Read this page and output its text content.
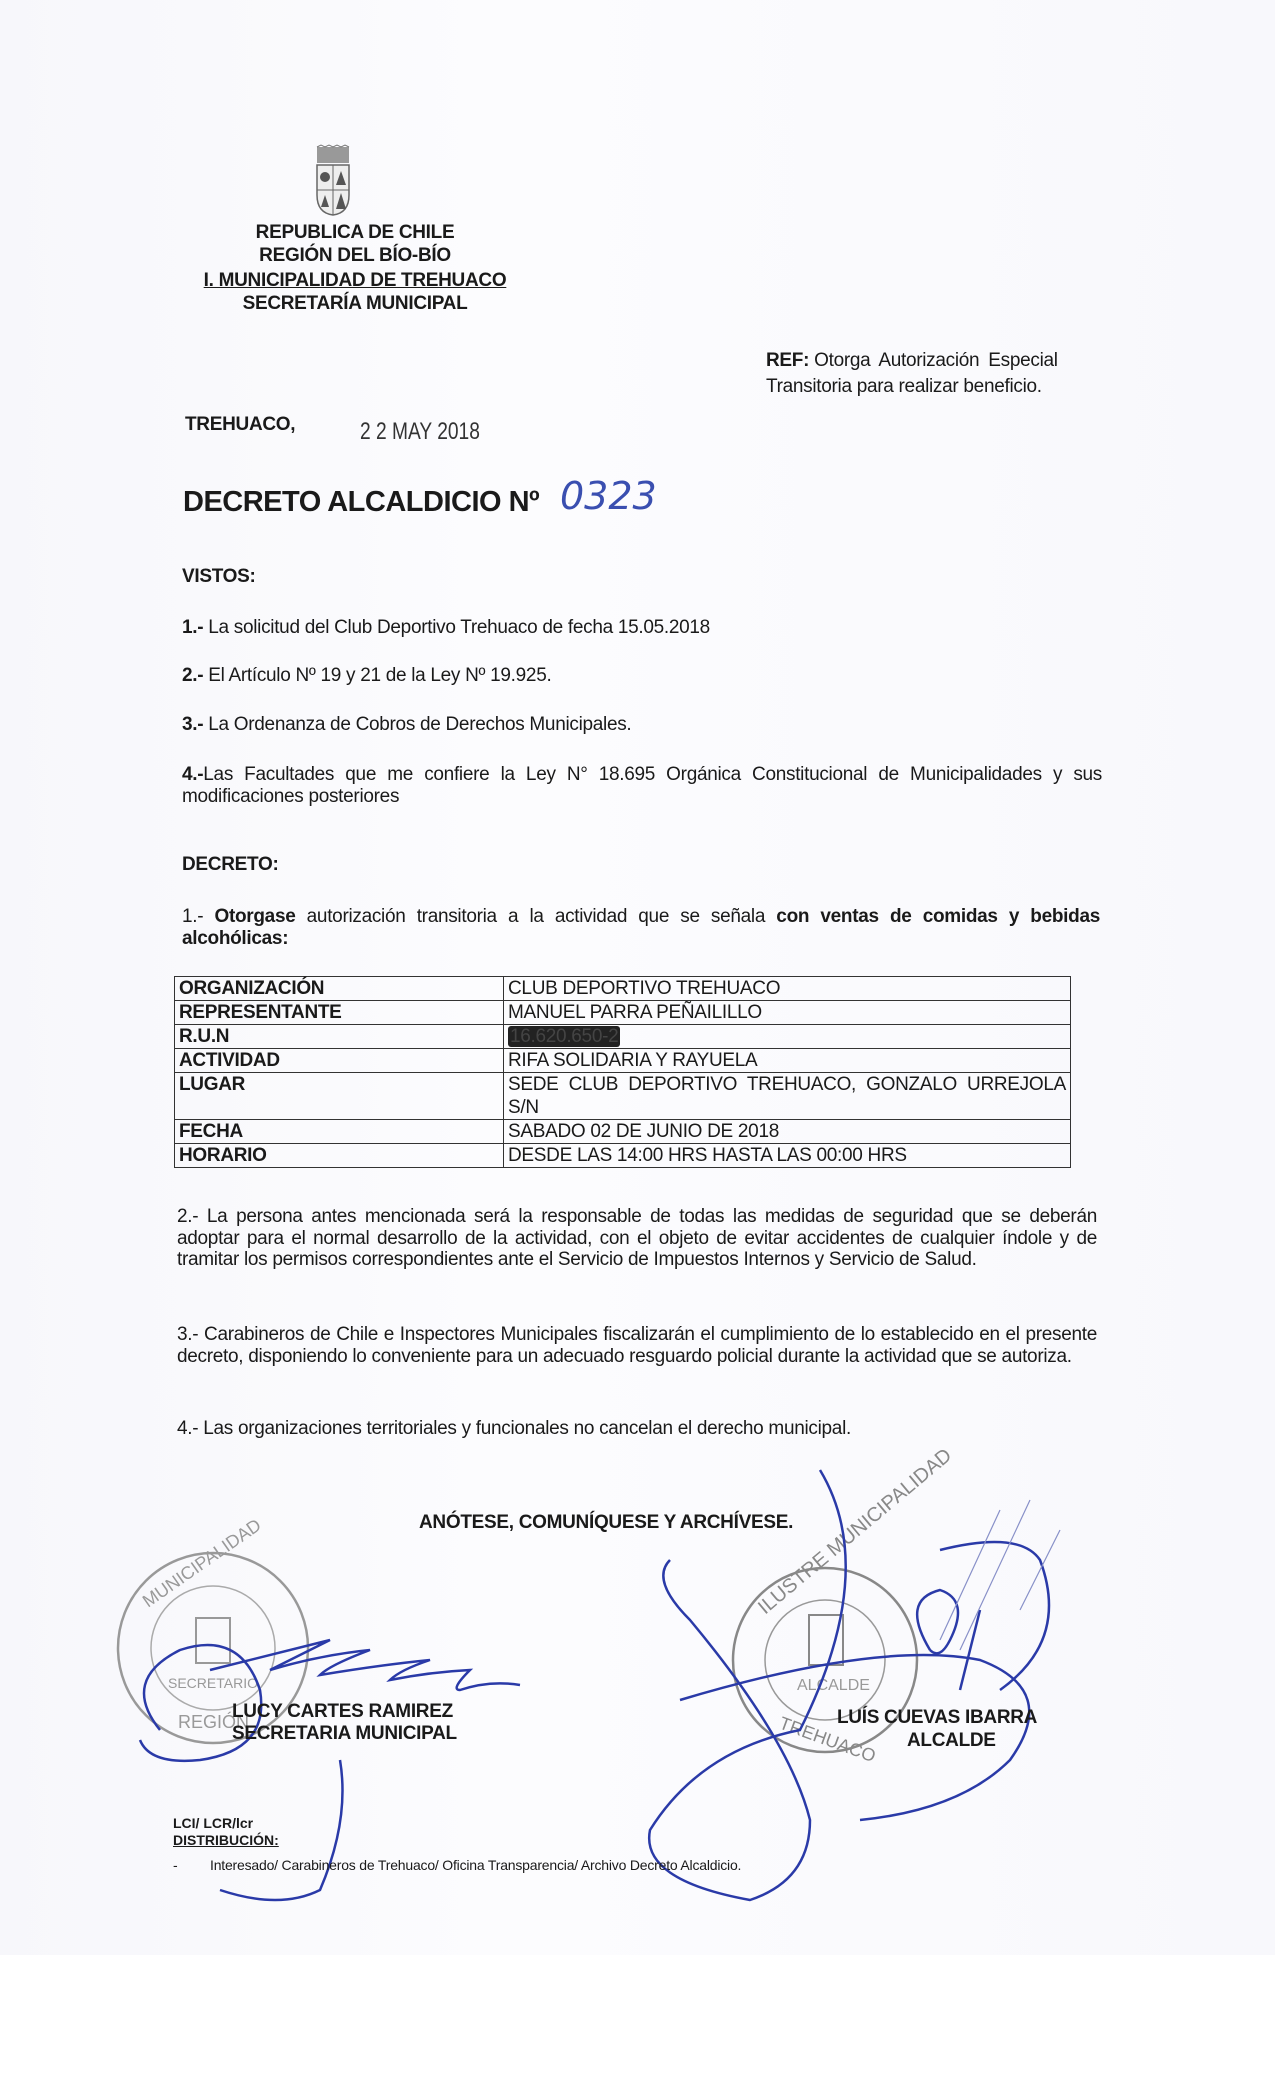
REPUBLICA DE CHILE
REGIÓN DEL BÍO-BÍO
I. MUNICIPALIDAD DE TREHUACO
SECRETARÍA MUNICIPAL
REF: Otorga Autorización Especial
Transitoria para realizar beneficio.
TREHUACO,	2 2 MAY 2018
DECRETO ALCALDICIO Nº 0323
VISTOS:
1.- La solicitud del Club Deportivo Trehuaco de fecha 15.05.2018
2.- El Artículo Nº 19 y 21 de la Ley Nº 19.925.
3.- La Ordenanza de Cobros de Derechos Municipales.
4.-Las Facultades que me confiere la Ley N° 18.695 Orgánica Constitucional de Municipalidades y sus modificaciones posteriores
DECRETO:
1.- Otorgase autorización transitoria a la actividad que se señala con ventas de comidas y bebidas alcohólicas:
ORGANIZACIÓN	CLUB DEPORTIVO TREHUACO
REPRESENTANTE	MANUEL PARRA PEÑAILILLO
R.U.N	16.620.650-2
ACTIVIDAD	RIFA SOLIDARIA Y RAYUELA
LUGAR	SEDE CLUB DEPORTIVO TREHUACO, GONZALO URREJOLA S/N
FECHA	SABADO 02 DE JUNIO DE 2018
HORARIO	DESDE LAS 14:00 HRS HASTA LAS 00:00 HRS
2.- La persona antes mencionada será la responsable de todas las medidas de seguridad que se deberán adoptar para el normal desarrollo de la actividad, con el objeto de evitar accidentes de cualquier índole y de tramitar los permisos correspondientes ante el Servicio de Impuestos Internos y Servicio de Salud.
3.- Carabineros de Chile e Inspectores Municipales fiscalizarán el cumplimiento de lo establecido en el presente decreto, disponiendo lo conveniente para un adecuado resguardo policial durante la actividad que se autoriza.
4.- Las organizaciones territoriales y funcionales no cancelan el derecho municipal.
ANÓTESE, COMUNÍQUESE Y ARCHÍVESE.
MUNICIPALIDAD
SECRETARIO
REGIÓN
ILUSTRE MUNICIPALIDAD
ALCALDE
TREHUACO
LUCY CARTES RAMIREZ
SECRETARIA MUNICIPAL
LUÍS CUEVAS IBARRA
ALCALDE
LCI/ LCR/lcr
DISTRIBUCIÓN:
- Interesado/ Carabineros de Trehuaco/ Oficina Transparencia/ Archivo Decreto Alcaldicio.
